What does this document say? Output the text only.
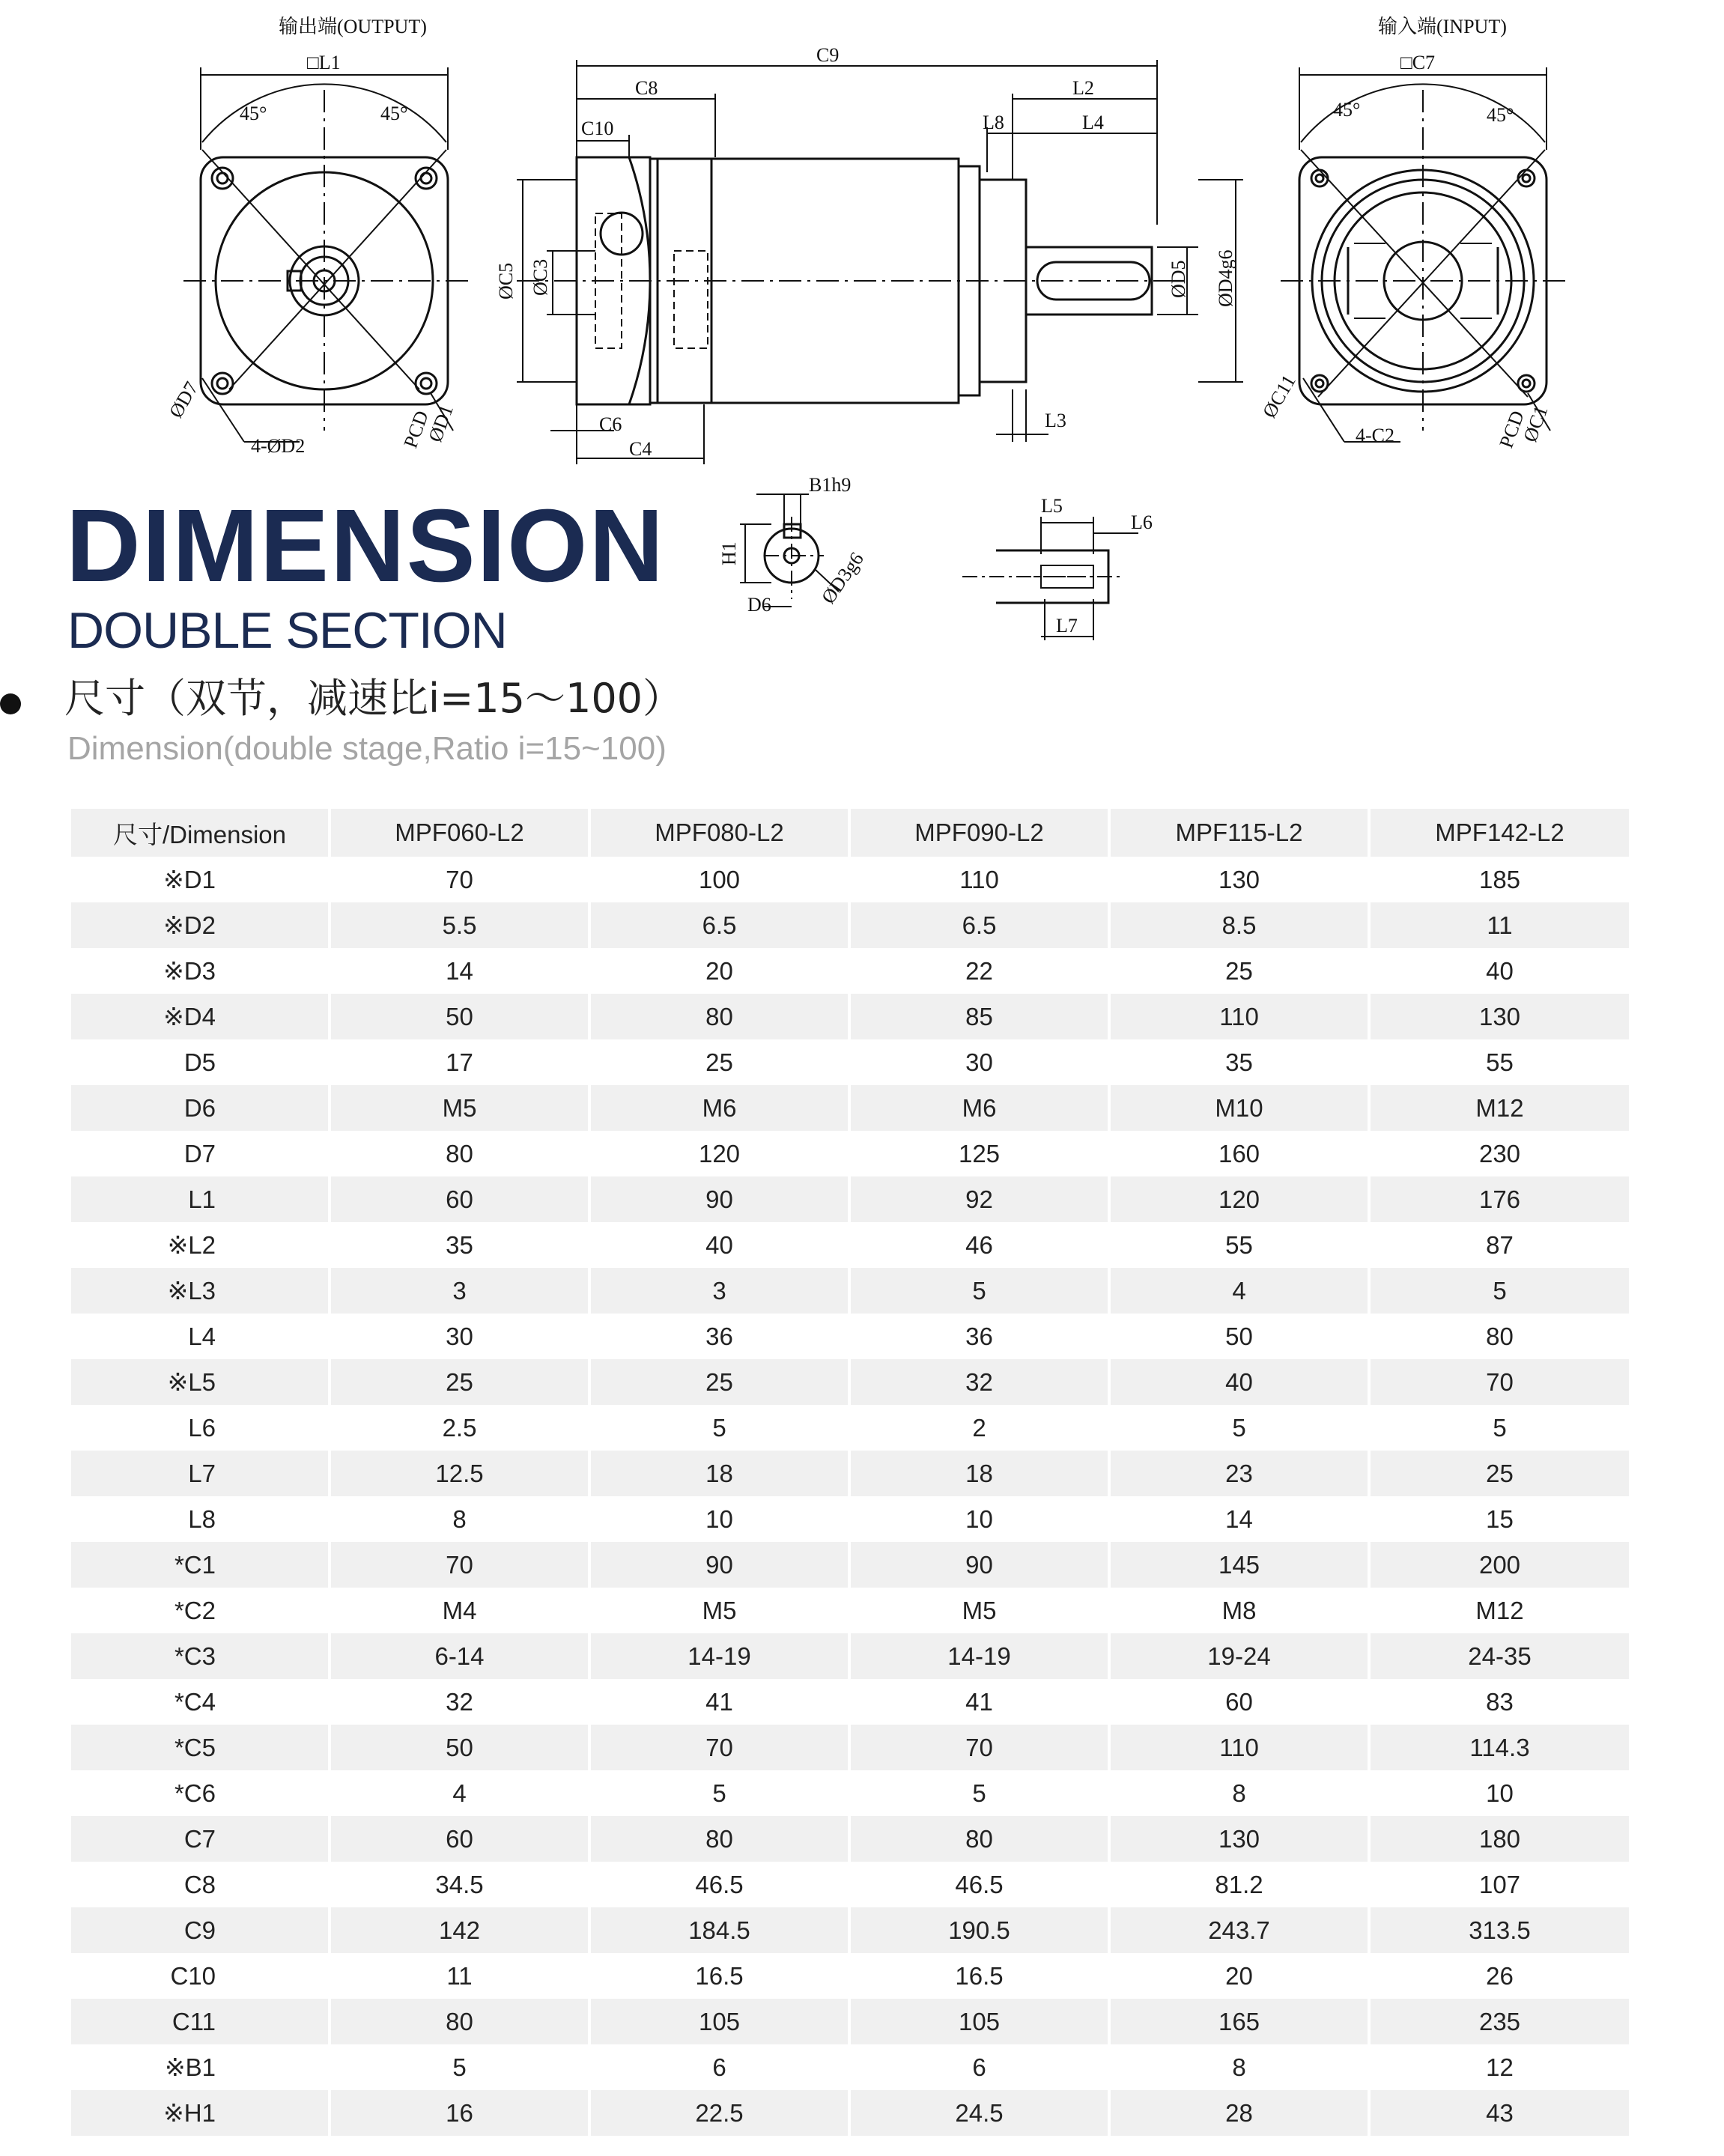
输出端(OUTPUT)	输入端(INPUT)
□L1	□C7
45°	45°	45°	45°
ØD7
4-ØD2	PCD
ØD1
C9
C8
C10
L2
L8	L4
ØC5 ØC3	ØD5 ØD4g6
C6
C4
L3	ØC11
4-C2	PCD
ØC1
B1h9
H1
D6 ØD3g6
L5
L6
L7
DIMENSION
DOUBLE SECTION
尺寸（双节，减速比i=15～100）
Dimension(double stage,Ratio i=15~100)
尺寸/Dimension	MPF060-L2	MPF080-L2	MPF090-L2	MPF115-L2	MPF142-L2
※D1	70	100	110	130	185
※D2	5.5	6.5	6.5	8.5	11
※D3	14	20	22	25	40
※D4	50	80	85	110	130
D5	17	25	30	35	55
D6	M5	M6	M6	M10	M12
D7	80	120	125	160	230
L1	60	90	92	120	176
※L2	35	40	46	55	87
※L3	3	3	5	4	5
L4	30	36	36	50	80
※L5	25	25	32	40	70
L6	2.5	5	2	5	5
L7	12.5	18	18	23	25
L8	8	10	10	14	15
*C1	70	90	90	145	200
*C2	M4	M5	M5	M8	M12
*C3	6-14	14-19	14-19	19-24	24-35
*C4	32	41	41	60	83
*C5	50	70	70	110	114.3
*C6	4	5	5	8	10
C7	60	80	80	130	180
C8	34.5	46.5	46.5	81.2	107
C9	142	184.5	190.5	243.7	313.5
C10	11	16.5	16.5	20	26
C11	80	105	105	165	235
※B1	5	6	6	8	12
※H1	16	22.5	24.5	28	43
